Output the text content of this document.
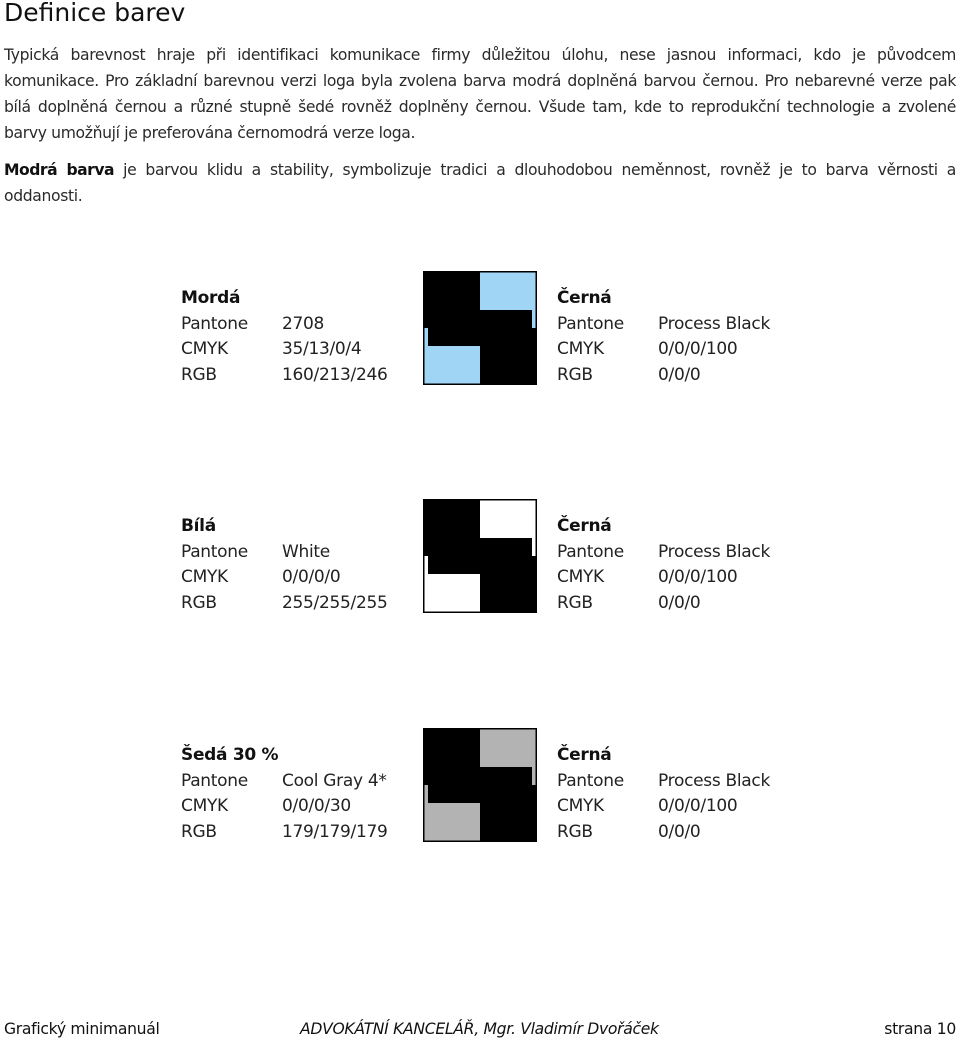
Definice barev

Typická barevnost hraje při identifikaci komunikace firmy důležitou úlohu, nese jasnou informaci, kdo je původcem komunikace. Pro základní barevnou verzi loga byla zvolena barva modrá doplněná barvou černou. Pro nebarevné verze pak bílá doplněná černou a různé stupně šedé rovněž doplněny černou. Všude tam, kde to reprodukční technologie a zvolené barvy umožňují je preferována černomodrá verze loga.

Modrá barva je barvou klidu a stability, symbolizuje tradici a dlouhodobou neměnnost, rovněž je to barva věrnosti a oddanosti.

Mordá
Pantone	2708
CMYK	35/13/0/4
RGB	160/213/246
Černá
Pantone	Process Black
CMYK	0/0/0/100
RGB	0/0/0
Bílá
Pantone	White
CMYK	0/0/0/0
RGB	255/255/255
Černá
Pantone	Process Black
CMYK	0/0/0/100
RGB	0/0/0
Šedá 30 %
Pantone	Cool Gray 4*
CMYK	0/0/0/30
RGB	179/179/179
Černá
Pantone	Process Black
CMYK	0/0/0/100
RGB	0/0/0
Grafický minimanuál	ADVOKÁTNÍ KANCELÁŘ, Mgr. Vladimír Dvořáček	strana 10
